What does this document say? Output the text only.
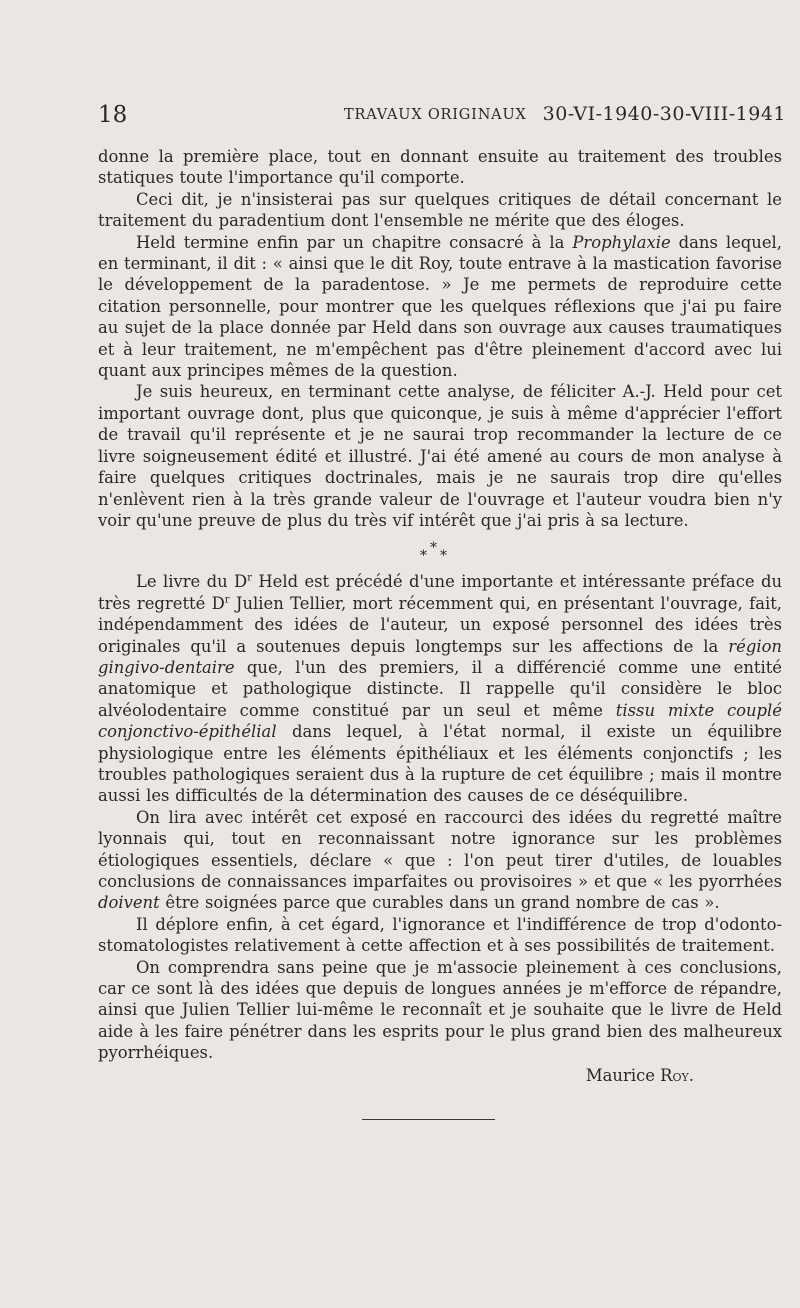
18	TRAVAUX ORIGINAUX 30-VI-1940-30-VIII-1941

donne la première place, tout en donnant ensuite au traitement des troubles statiques toute l'importance qu'il comporte.

Ceci dit, je n'insisterai pas sur quelques critiques de détail concernant le traitement du paradentium dont l'ensemble ne mérite que des éloges.

Held termine enfin par un chapitre consacré à la Prophylaxie dans lequel, en terminant, il dit : « ainsi que le dit Roy, toute entrave à la mastication favorise le développement de la paradentose. » Je me permets de reproduire cette citation personnelle, pour montrer que les quelques réflexions que j'ai pu faire au sujet de la place donnée par Held dans son ouvrage aux causes traumatiques et à leur traitement, ne m'empêchent pas d'être pleinement d'accord avec lui quant aux principes mêmes de la question.

Je suis heureux, en terminant cette analyse, de féliciter A.-J. Held pour cet important ouvrage dont, plus que quiconque, je suis à même d'apprécier l'effort de travail qu'il représente et je ne saurai trop recommander la lecture de ce livre soigneusement édité et illustré. J'ai été amené au cours de mon analyse à faire quelques critiques doctrinales, mais je ne saurais trop dire qu'elles n'enlèvent rien à la très grande valeur de l'ouvrage et l'auteur voudra bien n'y voir qu'une preuve de plus du très vif intérêt que j'ai pris à sa lecture.

*
* *

Le livre du $D^r$ Held est précédé d'une importante et intéressante préface du très regretté $D^r$ Julien Tellier, mort récemment qui, en présentant l'ouvrage, fait, indépendamment des idées de l'auteur, un exposé personnel des idées très originales qu'il a soutenues depuis longtemps sur les affections de la région gingivo-dentaire que, l'un des premiers, il a différencié comme une entité anatomique et pathologique distincte. Il rappelle qu'il considère le bloc alvéolodentaire comme constitué par un seul et même tissu mixte couplé conjonctivo-épithélial dans lequel, à l'état normal, il existe un équilibre physiologique entre les éléments épithéliaux et les éléments conjonctifs ; les troubles pathologiques seraient dus à la rupture de cet équilibre ; mais il montre aussi les difficultés de la détermination des causes de ce déséquilibre.

On lira avec intérêt cet exposé en raccourci des idées du regretté maître lyonnais qui, tout en reconnaissant notre ignorance sur les problèmes étiologiques essentiels, déclare « que : l'on peut tirer d'utiles, de louables conclusions de connaissances imparfaites ou provisoires » et que « les pyorrhées doivent être soignées parce que curables dans un grand nombre de cas ».

Il déplore enfin, à cet égard, l'ignorance et l'indifférence de trop d'odonto-stomatologistes relativement à cette affection et à ses possibilités de traitement.

On comprendra sans peine que je m'associe pleinement à ces conclusions, car ce sont là des idées que depuis de longues années je m'efforce de répandre, ainsi que Julien Tellier lui-même le reconnaît et je souhaite que le livre de Held aide à les faire pénétrer dans les esprits pour le plus grand bien des malheureux pyorrhéiques.

Maurice Roy.
